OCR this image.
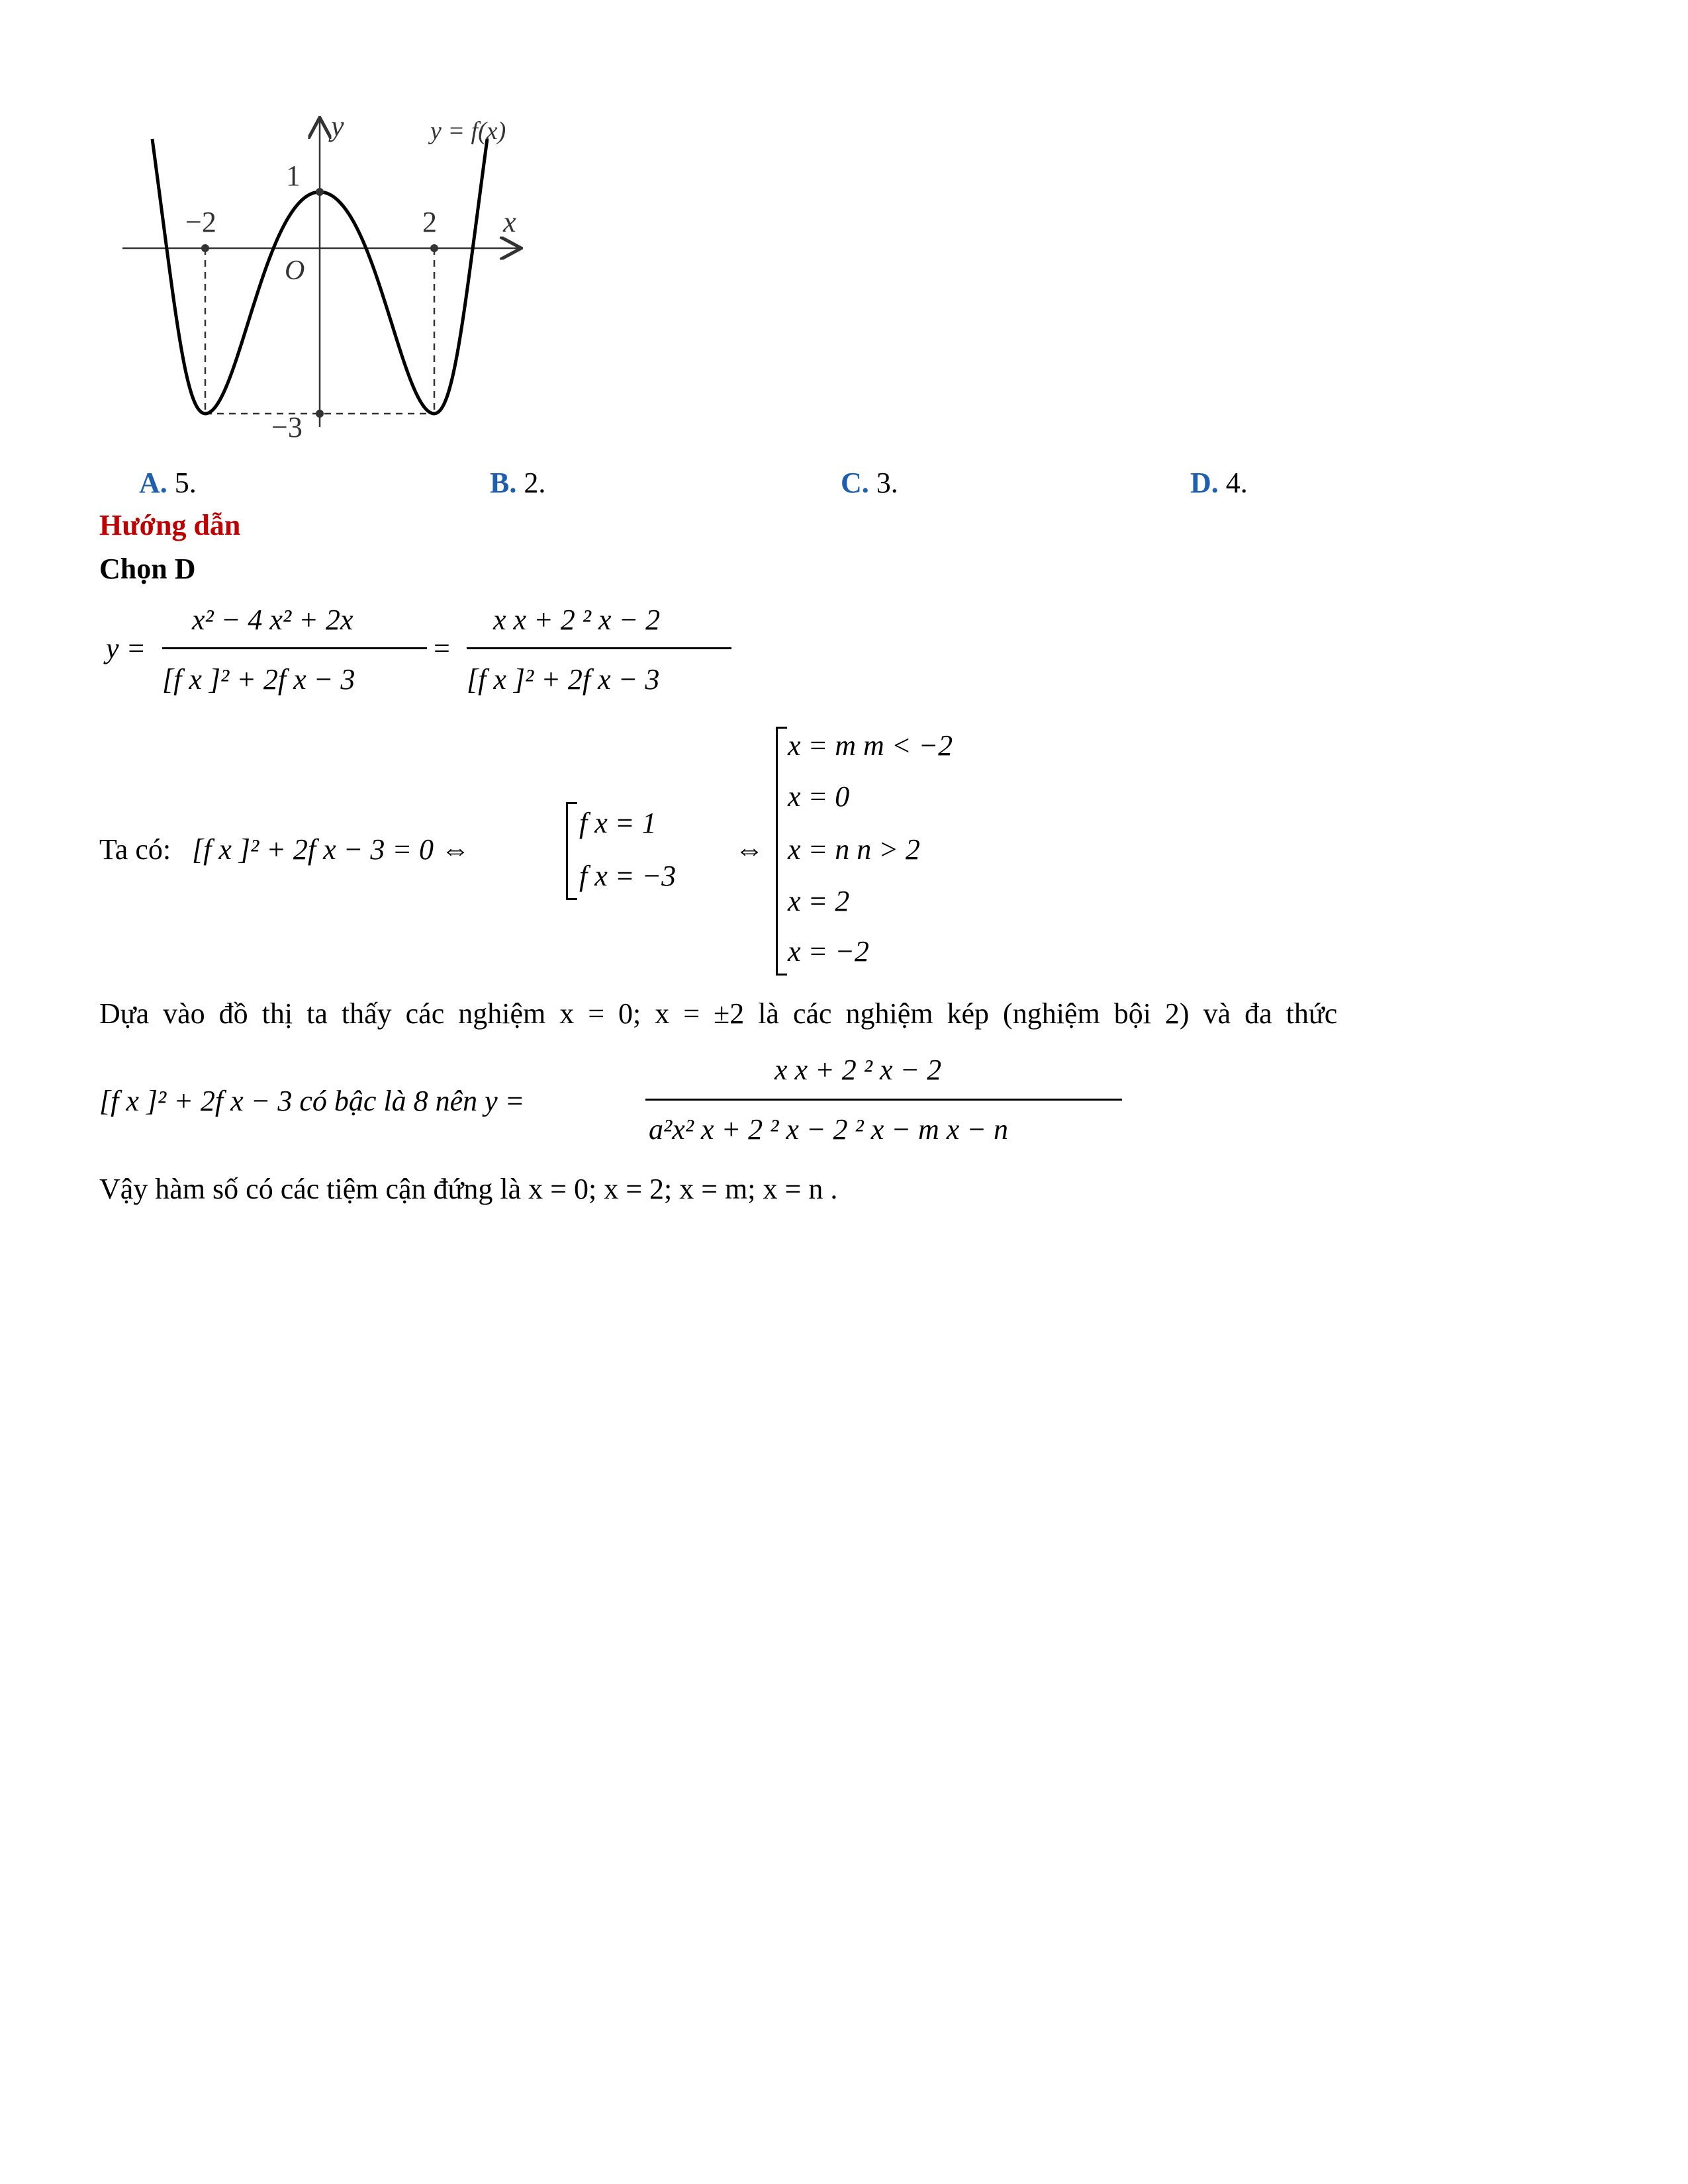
y	y = f(x)
x
−2	2
1
O
−3
A. 5.	B. 2.	C. 3.	D. 4.
Hướng dẫn
Chọn D
y =
x² − 4 x² + 2x
[f x ]² + 2f x − 3
=
x x + 2 ² x − 2
[f x ]² + 2f x − 3
Ta có: [f x ]² + 2f x − 3 = 0 ⇔
f x = 1
f x = −3
⇔
x = m m < −2
x = 0
x = n n > 2
x = 2
x = −2
Dựa vào đồ thị ta thấy các nghiệm x = 0; x = ±2 là các nghiệm kép (nghiệm bội 2) và đa thức
[f x ]² + 2f x − 3 có bậc là 8 nên y =
x x + 2 ² x − 2
a²x² x + 2 ² x − 2 ² x − m x − n
Vậy hàm số có các tiệm cận đứng là x = 0; x = 2; x = m; x = n .
